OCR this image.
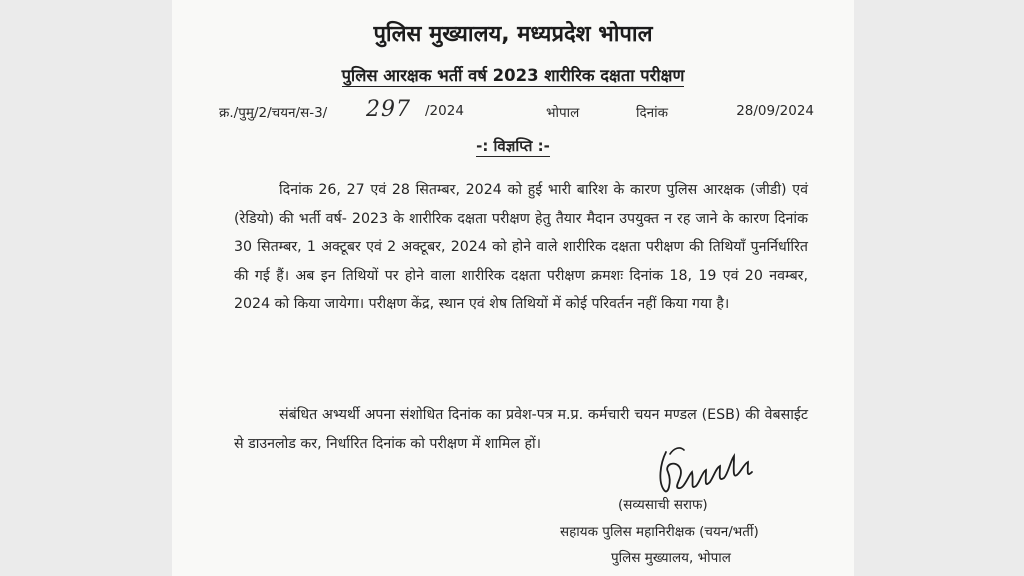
पुलिस मुख्यालय, मध्यप्रदेश भोपाल
पुलिस आरक्षक भर्ती वर्ष 2023 शारीरिक दक्षता परीक्षण
क्र./पुमु/2/चयन/स-3/ 297 /2024	भोपाल	दिनांक	28/09/2024
-: विज्ञप्ति :-

दिनांक 26, 27 एवं 28 सितम्बर, 2024 को हुई भारी बारिश के कारण पुलिस आरक्षक (जीडी) एवं (रेडियो) की भर्ती वर्ष- 2023 के शारीरिक दक्षता परीक्षण हेतु तैयार मैदान उपयुक्त न रह जाने के कारण दिनांक 30 सितम्बर, 1 अक्टूबर एवं 2 अक्टूबर, 2024 को होने वाले शारीरिक दक्षता परीक्षण की तिथियाँ पुनर्निर्धारित की गई हैं। अब इन तिथियों पर होने वाला शारीरिक दक्षता परीक्षण क्रमशः दिनांक 18, 19 एवं 20 नवम्बर, 2024 को किया जायेगा। परीक्षण केंद्र, स्थान एवं शेष तिथियों में कोई परिवर्तन नहीं किया गया है।

संबंधित अभ्यर्थी अपना संशोधित दिनांक का प्रवेश-पत्र म.प्र. कर्मचारी चयन मण्डल (ESB) की वेबसाईट से डाउनलोड कर, निर्धारित दिनांक को परीक्षण में शामिल हों।

(सव्यसाची सराफ)
सहायक पुलिस महानिरीक्षक (चयन/भर्ती)
पुलिस मुख्यालय, भोपाल
